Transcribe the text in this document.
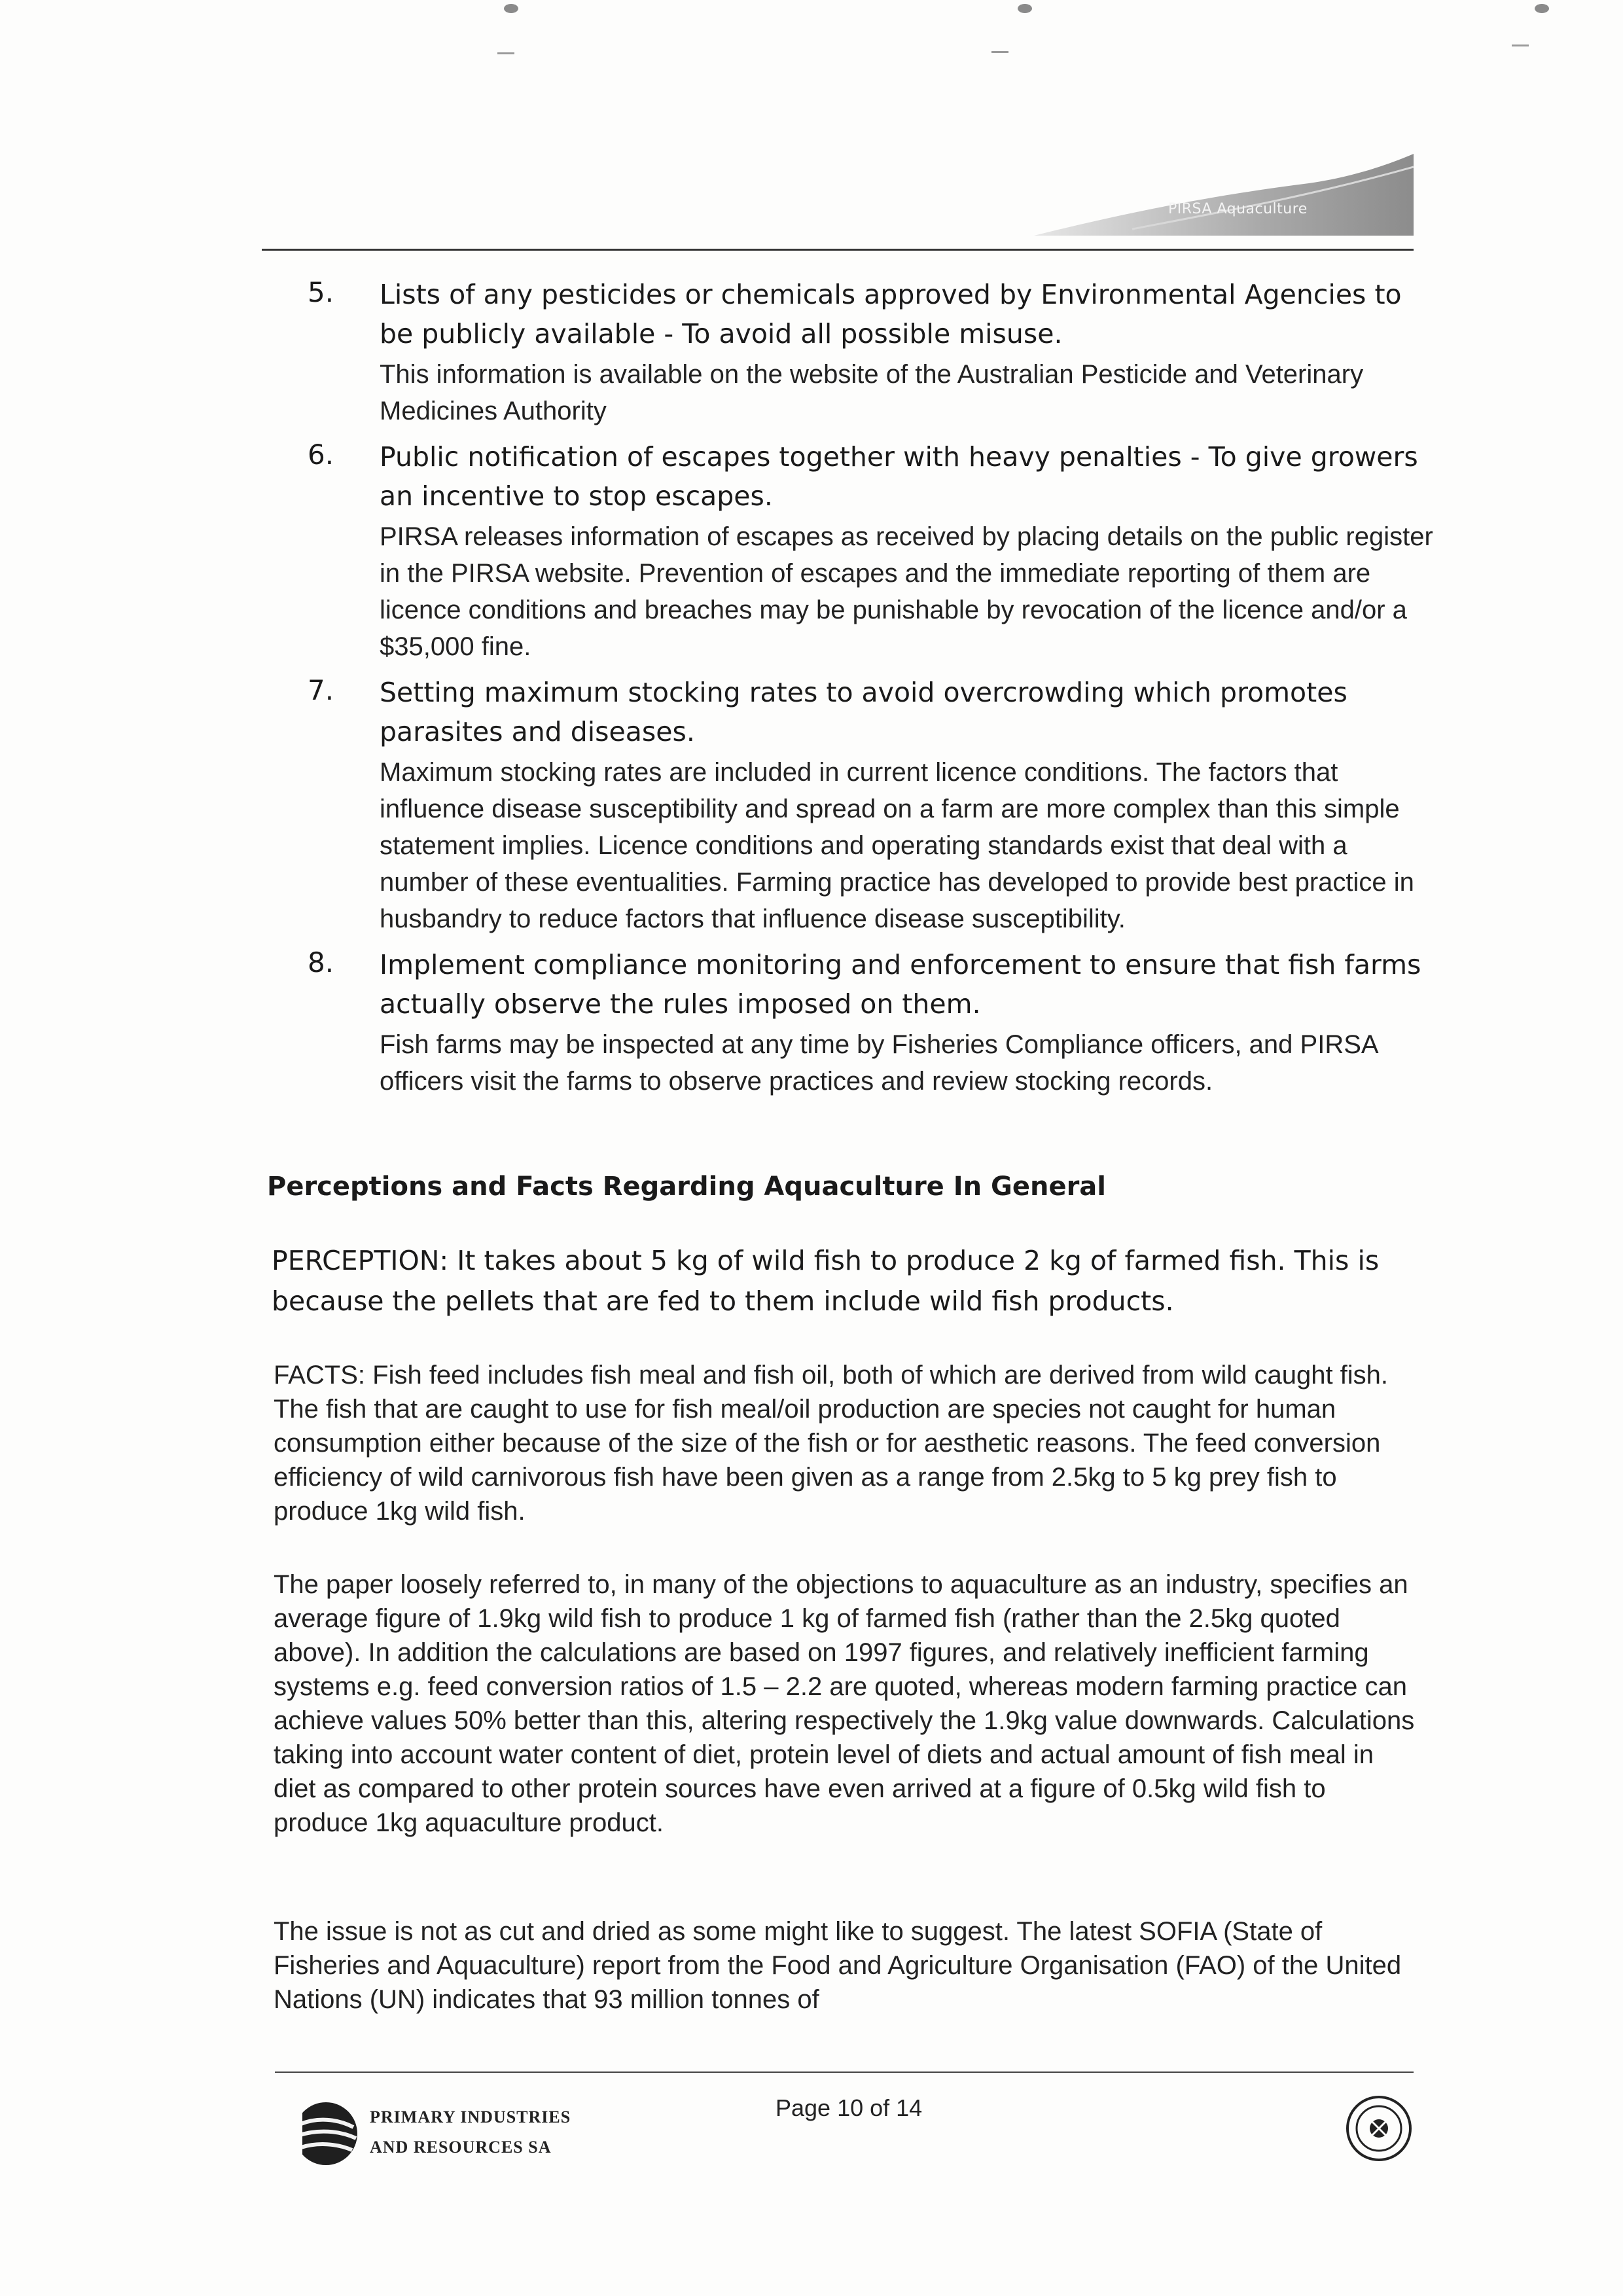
PIRSA Aquaculture
5. Lists of any pesticides or chemicals approved by Environmental Agencies to be publicly available - To avoid all possible misuse.
This information is available on the website of the Australian Pesticide and Veterinary Medicines Authority
6. Public notification of escapes together with heavy penalties - To give growers an incentive to stop escapes.
PIRSA releases information of escapes as received by placing details on the public register in the PIRSA website. Prevention of escapes and the immediate reporting of them are licence conditions and breaches may be punishable by revocation of the licence and/or a $35,000 fine.
7. Setting maximum stocking rates to avoid overcrowding which promotes parasites and diseases.
Maximum stocking rates are included in current licence conditions. The factors that influence disease susceptibility and spread on a farm are more complex than this simple statement implies. Licence conditions and operating standards exist that deal with a number of these eventualities. Farming practice has developed to provide best practice in husbandry to reduce factors that influence disease susceptibility.
8. Implement compliance monitoring and enforcement to ensure that fish farms actually observe the rules imposed on them.
Fish farms may be inspected at any time by Fisheries Compliance officers, and PIRSA officers visit the farms to observe practices and review stocking records.
Perceptions and Facts Regarding Aquaculture In General
PERCEPTION: It takes about 5 kg of wild fish to produce 2 kg of farmed fish. This is because the pellets that are fed to them include wild fish products.
FACTS: Fish feed includes fish meal and fish oil, both of which are derived from wild caught fish. The fish that are caught to use for fish meal/oil production are species not caught for human consumption either because of the size of the fish or for aesthetic reasons. The feed conversion efficiency of wild carnivorous fish have been given as a range from 2.5kg to 5 kg prey fish to produce 1kg wild fish.
The paper loosely referred to, in many of the objections to aquaculture as an industry, specifies an average figure of 1.9kg wild fish to produce 1 kg of farmed fish (rather than the 2.5kg quoted above). In addition the calculations are based on 1997 figures, and relatively inefficient farming systems e.g. feed conversion ratios of 1.5 – 2.2 are quoted, whereas modern farming practice can achieve values 50% better than this, altering respectively the 1.9kg value downwards. Calculations taking into account water content of diet, protein level of diets and actual amount of fish meal in diet as compared to other protein sources have even arrived at a figure of 0.5kg wild fish to produce 1kg aquaculture product.
The issue is not as cut and dried as some might like to suggest. The latest SOFIA (State of Fisheries and Aquaculture) report from the Food and Agriculture Organisation (FAO) of the United Nations (UN) indicates that 93 million tonnes of
PRIMARY INDUSTRIES
AND RESOURCES SA
Page 10 of 14
